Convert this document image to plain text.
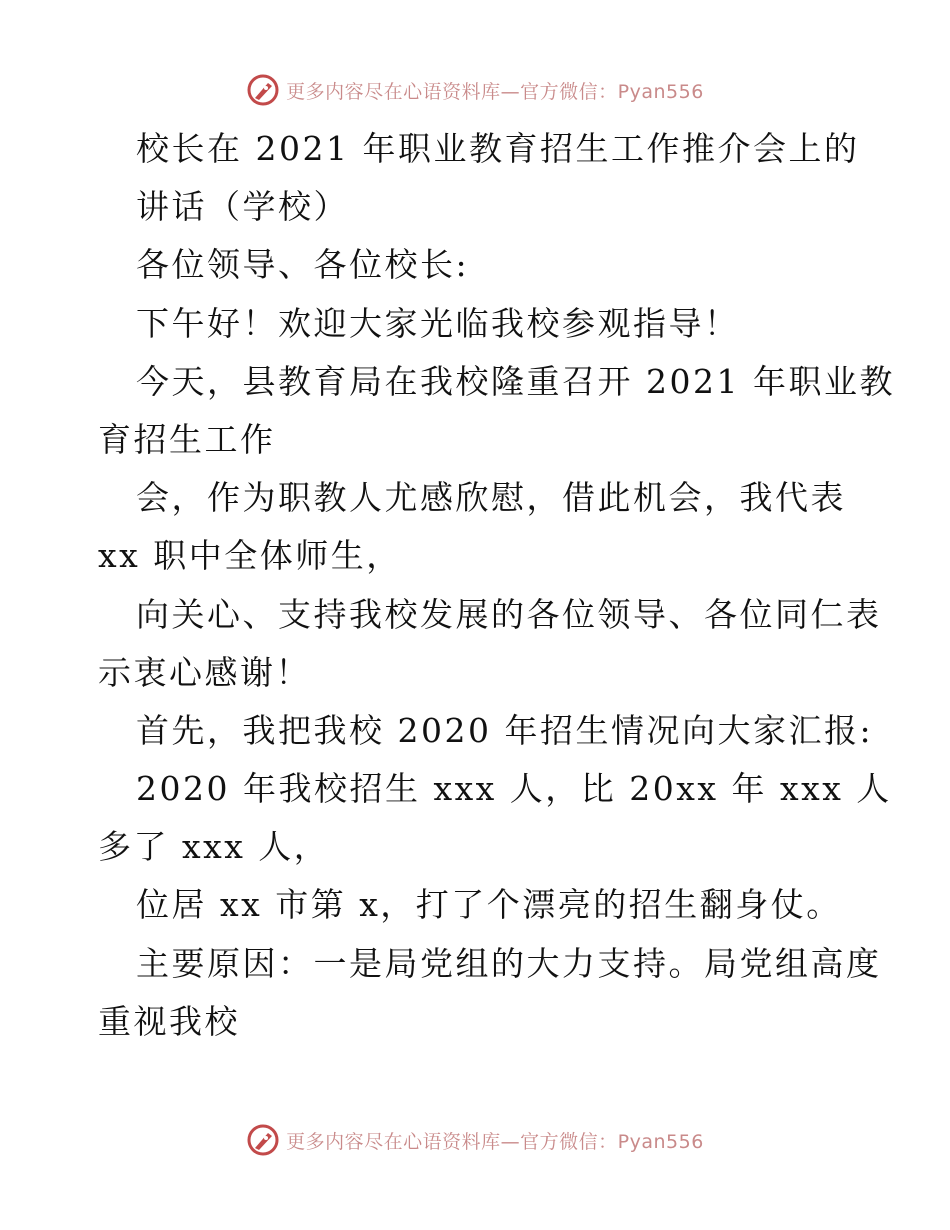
更多内容尽在心语资料库—官方微信：Pyan556
校长在 2021 年职业教育招生工作推介会上的
讲话（学校）
各位领导、各位校长:
下午好！欢迎大家光临我校参观指导！
今天，县教育局在我校隆重召开 2021 年职业教
育招生工作
会，作为职教人尤感欣慰，借此机会，我代表
xx 职中全体师生，
向关心、支持我校发展的各位领导、各位同仁表
示衷心感谢！
首先，我把我校 2020 年招生情况向大家汇报:
2020 年我校招生 xxx 人，比 20xx 年 xxx 人
多了 xxx 人，
位居 xx 市第 x，打了个漂亮的招生翻身仗。
主要原因：一是局党组的大力支持。局党组高度
重视我校
更多内容尽在心语资料库—官方微信：Pyan556
